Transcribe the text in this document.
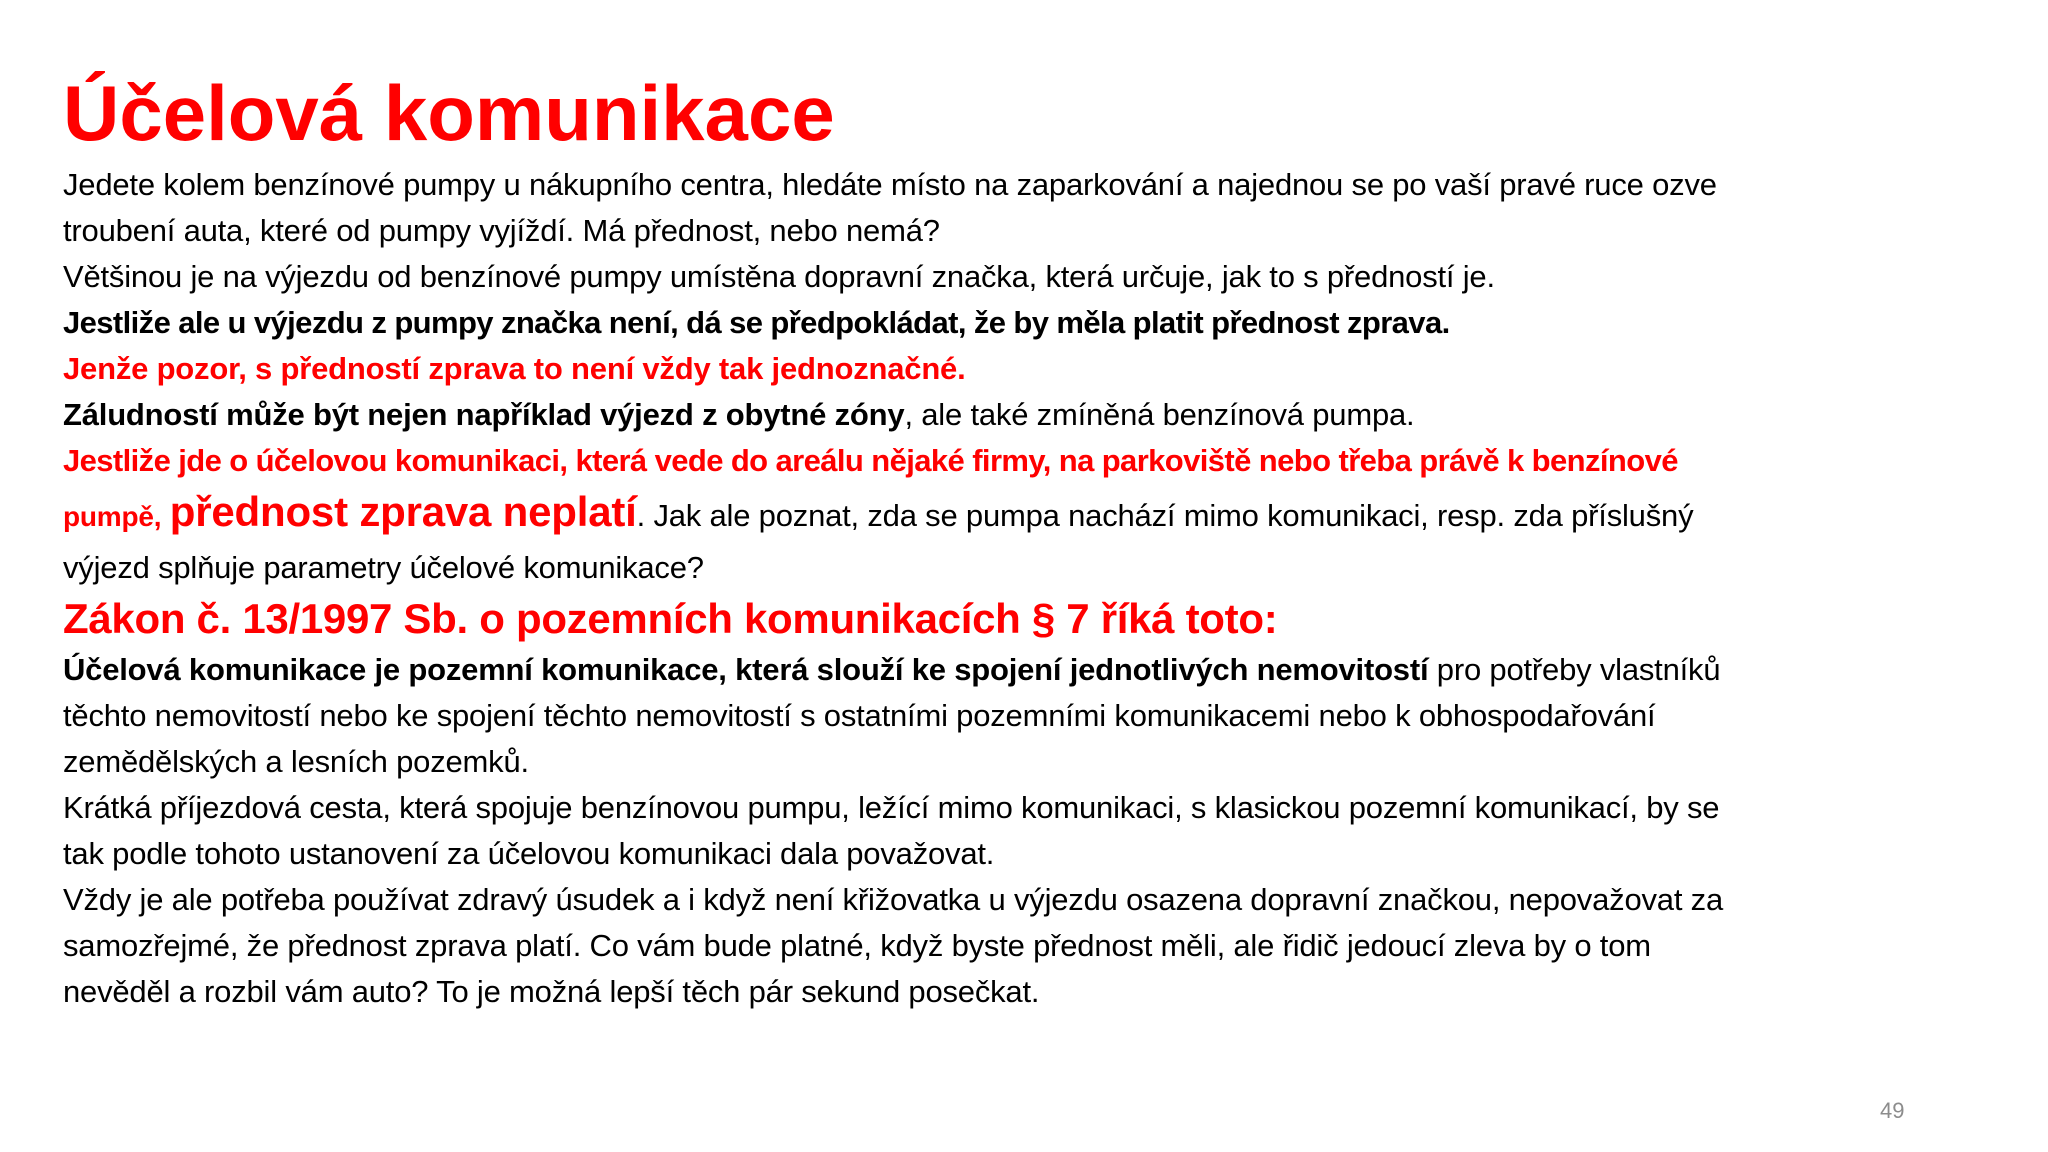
Účelová komunikace

Jedete kolem benzínové pumpy u nákupního centra, hledáte místo na zaparkování a najednou se po vaší pravé ruce ozve

troubení auta, které od pumpy vyjíždí. Má přednost, nebo nemá?

Většinou je na výjezdu od benzínové pumpy umístěna dopravní značka, která určuje, jak to s předností je.

Jestliže ale u výjezdu z pumpy značka není, dá se předpokládat, že by měla platit přednost zprava.

Jenže pozor, s předností zprava to není vždy tak jednoznačné.

Záludností může být nejen například výjezd z obytné zóny, ale také zmíněná benzínová pumpa.

Jestliže jde o účelovou komunikaci, která vede do areálu nějaké firmy, na parkoviště nebo třeba právě k benzínové

pumpě, přednost zprava neplatí. Jak ale poznat, zda se pumpa nachází mimo komunikaci, resp. zda příslušný

výjezd splňuje parametry účelové komunikace?

Zákon č. 13/1997 Sb. o pozemních komunikacích § 7 říká toto:

Účelová komunikace je pozemní komunikace, která slouží ke spojení jednotlivých nemovitostí pro potřeby vlastníků

těchto nemovitostí nebo ke spojení těchto nemovitostí s ostatními pozemními komunikacemi nebo k obhospodařování

zemědělských a lesních pozemků.

Krátká příjezdová cesta, která spojuje benzínovou pumpu, ležící mimo komunikaci, s klasickou pozemní komunikací, by se

tak podle tohoto ustanovení za účelovou komunikaci dala považovat.

Vždy je ale potřeba používat zdravý úsudek a i když není křižovatka u výjezdu osazena dopravní značkou, nepovažovat za

samozřejmé, že přednost zprava platí. Co vám bude platné, když byste přednost měli, ale řidič jedoucí zleva by o tom

nevěděl a rozbil vám auto? To je možná lepší těch pár sekund posečkat.

49
